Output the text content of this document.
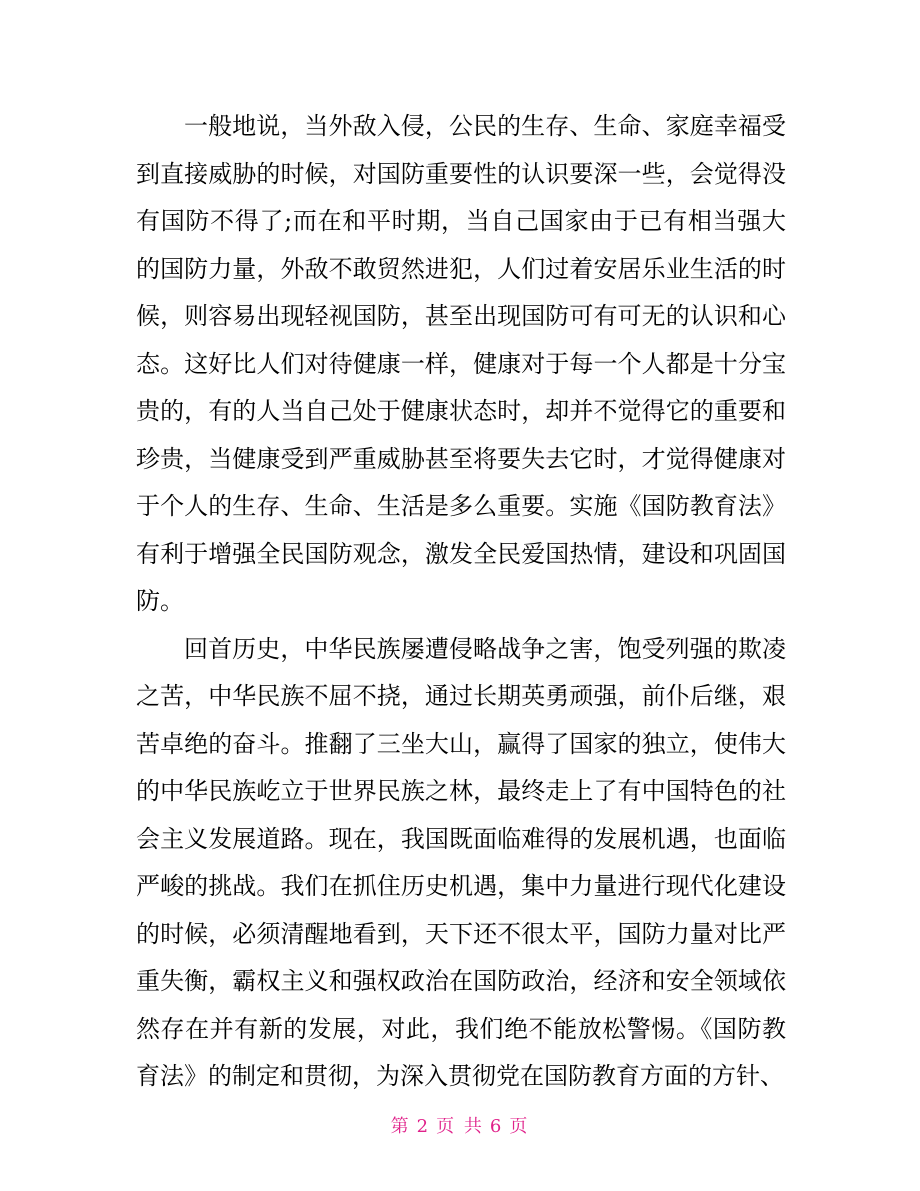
一般地说，当外敌入侵，公民的生存、生命、家庭幸福受到直接威胁的时候，对国防重要性的认识要深一些，会觉得没有国防不得了;而在和平时期，当自己国家由于已有相当强大的国防力量，外敌不敢贸然进犯，人们过着安居乐业生活的时候，则容易出现轻视国防，甚至出现国防可有可无的认识和心态。这好比人们对待健康一样，健康对于每一个人都是十分宝贵的，有的人当自己处于健康状态时，却并不觉得它的重要和珍贵，当健康受到严重威胁甚至将要失去它时，才觉得健康对于个人的生存、生命、生活是多么重要。实施《国防教育法》有利于增强全民国防观念，激发全民爱国热情，建设和巩固国防。

回首历史，中华民族屡遭侵略战争之害，饱受列强的欺凌之苦，中华民族不屈不挠，通过长期英勇顽强，前仆后继，艰苦卓绝的奋斗。推翻了三坐大山，赢得了国家的独立，使伟大的中华民族屹立于世界民族之林，最终走上了有中国特色的社会主义发展道路。现在，我国既面临难得的发展机遇，也面临严峻的挑战。我们在抓住历史机遇，集中力量进行现代化建设的时候，必须清醒地看到，天下还不很太平，国防力量对比严重失衡，霸权主义和强权政治在国防政治，经济和安全领域依然存在并有新的发展，对此，我们绝不能放松警惕。《国防教育法》的制定和贯彻，为深入贯彻党在国防教育方面的方针、

第 2 页 共 6 页
